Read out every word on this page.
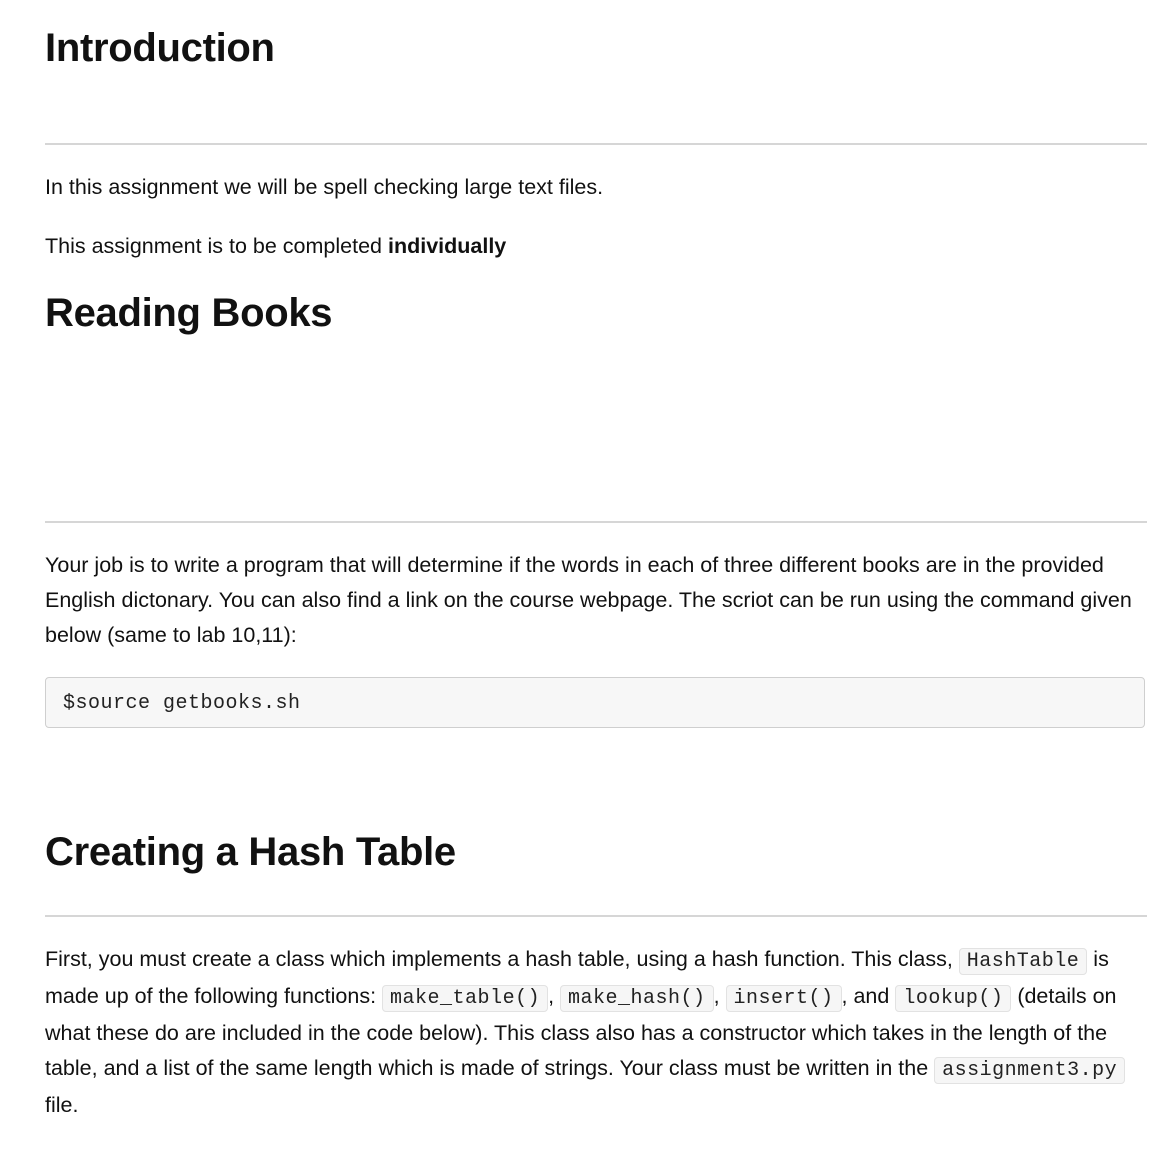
Introduction

In this assignment we will be spell checking large text files.

This assignment is to be completed individually

Reading Books

Your job is to write a program that will determine if the words in each of three different books are in the provided English dictonary. You can also find a link on the course webpage. The scriot can be run using the command given below (same to lab 10,11):

$source getbooks.sh
Creating a Hash Table

First, you must create a class which implements a hash table, using a hash function. This class, HashTable is made up of the following functions: make_table() , make_hash() , insert() , and lookup() (details on what these do are included in the code below). This class also has a constructor which takes in the length of the table, and a list of the same length which is made of strings. Your class must be written in the assignment3.py file.
